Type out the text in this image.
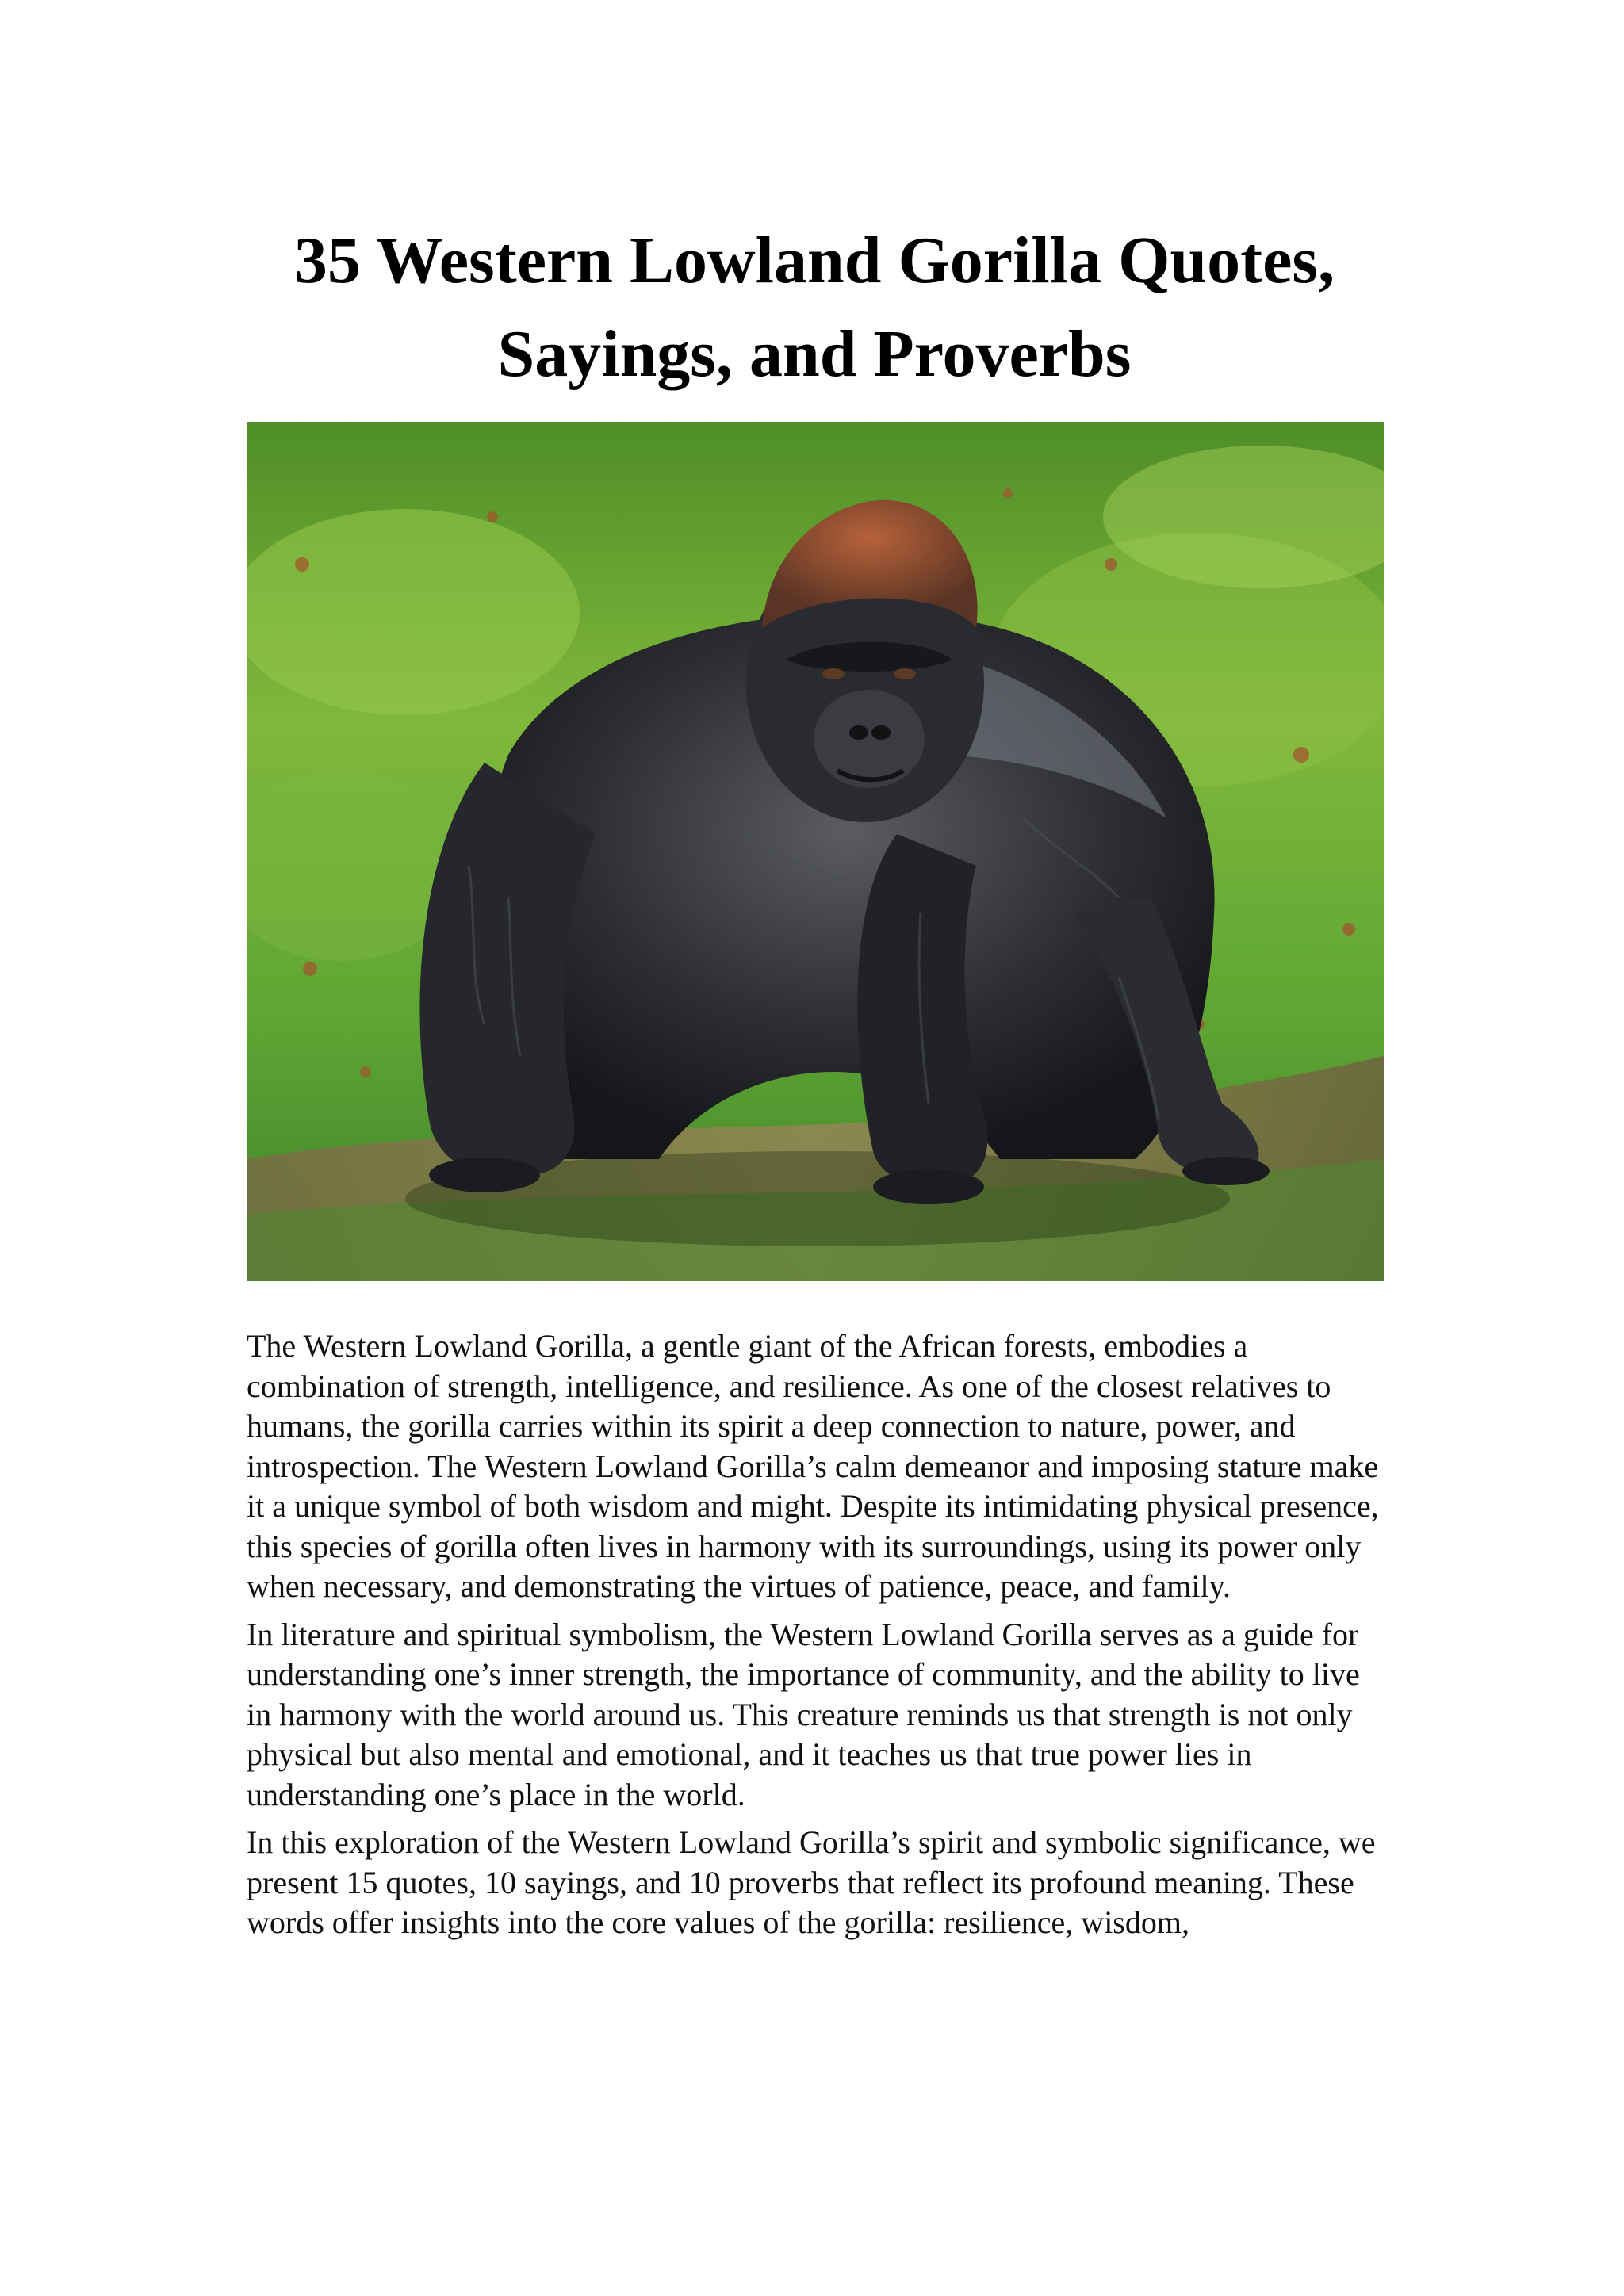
35 Western Lowland Gorilla Quotes,
Sayings, and Proverbs

The Western Lowland Gorilla, a gentle giant of the African forests, embodies a combination of strength, intelligence, and resilience. As one of the closest relatives to humans, the gorilla carries within its spirit a deep connection to nature, power, and introspection. The Western Lowland Gorilla’s calm demeanor and imposing stature make it a unique symbol of both wisdom and might. Despite its intimidating physical presence, this species of gorilla often lives in harmony with its surroundings, using its power only when necessary, and demonstrating the virtues of patience, peace, and family.

In literature and spiritual symbolism, the Western Lowland Gorilla serves as a guide for understanding one’s inner strength, the importance of community, and the ability to live in harmony with the world around us. This creature reminds us that strength is not only physical but also mental and emotional, and it teaches us that true power lies in understanding one’s place in the world.

In this exploration of the Western Lowland Gorilla’s spirit and symbolic significance, we present 15 quotes, 10 sayings, and 10 proverbs that reflect its profound meaning. These words offer insights into the core values of the gorilla: resilience, wisdom,
